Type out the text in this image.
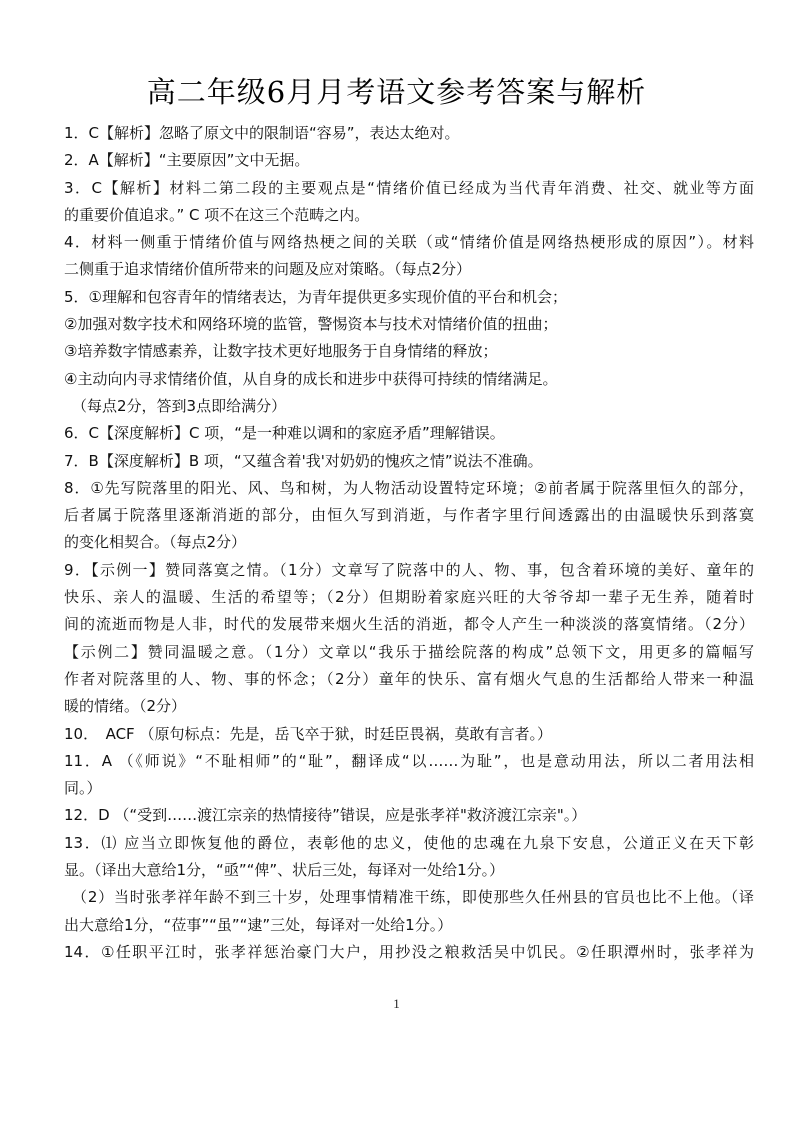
高二年级6月月考语文参考答案与解析
1．C【解析】忽略了原文中的限制语“容易”，表达太绝对。
2．A【解析】“主要原因”文中无据。
3．C【解析】材料二第二段的主要观点是“情绪价值已经成为当代青年消费、社交、就业等方面
的重要价值追求。” C 项不在这三个范畴之内。
4．材料一侧重于情绪价值与网络热梗之间的关联（或“情绪价值是网络热梗形成的原因”）。材料
二侧重于追求情绪价值所带来的问题及应对策略。（每点2分）
5．①理解和包容青年的情绪表达，为青年提供更多实现价值的平台和机会；
②加强对数字技术和网络环境的监管，警惕资本与技术对情绪价值的扭曲；
③培养数字情感素养，让数字技术更好地服务于自身情绪的释放；
④主动向内寻求情绪价值，从自身的成长和进步中获得可持续的情绪满足。
（每点2分，答到3点即给满分）
6．C【深度解析】C 项，“是一种难以调和的家庭矛盾”理解错误。
7．B【深度解析】B 项，“又蕴含着'我'对奶奶的愧疚之情”说法不准确。
8．①先写院落里的阳光、风、鸟和树，为人物活动设置特定环境；②前者属于院落里恒久的部分，
后者属于院落里逐渐消逝的部分，由恒久写到消逝，与作者字里行间透露出的由温暖快乐到落寞
的变化相契合。（每点2分）
9．【示例一】赞同落寞之情。（1分）文章写了院落中的人、物、事，包含着环境的美好、童年的
快乐、亲人的温暖、生活的希望等；（2分）但期盼着家庭兴旺的大爷爷却一辈子无生养，随着时
间的流逝而物是人非，时代的发展带来烟火生活的消逝，都令人产生一种淡淡的落寞情绪。（2分）
【示例二】赞同温暖之意。（1分）文章以“我乐于描绘院落的构成”总领下文，用更多的篇幅写
作者对院落里的人、物、事的怀念；（2分）童年的快乐、富有烟火气息的生活都给人带来一种温
暖的情绪。（2分）
10．　ACF （原句标点：先是，岳飞卒于狱，时廷臣畏祸，莫敢有言者。）
11．A （《师说》“不耻相师”的“耻”，翻译成“以……为耻”，也是意动用法，所以二者用法相
同。）
12．D （“受到……渡江宗亲的热情接待”错误，应是张孝祥"救济渡江宗亲"。）
13．⑴ 应当立即恢复他的爵位，表彰他的忠义，使他的忠魂在九泉下安息，公道正义在天下彰
显。（译出大意给1分，“亟”“俾”、状后三处，每译对一处给1分。）
（2）当时张孝祥年龄不到三十岁，处理事情精准干练，即使那些久任州县的官员也比不上他。（译
出大意给1分，“莅事”“虽”“逮”三处，每译对一处给1分。）
14．①任职平江时，张孝祥惩治豪门大户，用抄没之粮救活吴中饥民。②任职潭州时，张孝祥为
1
